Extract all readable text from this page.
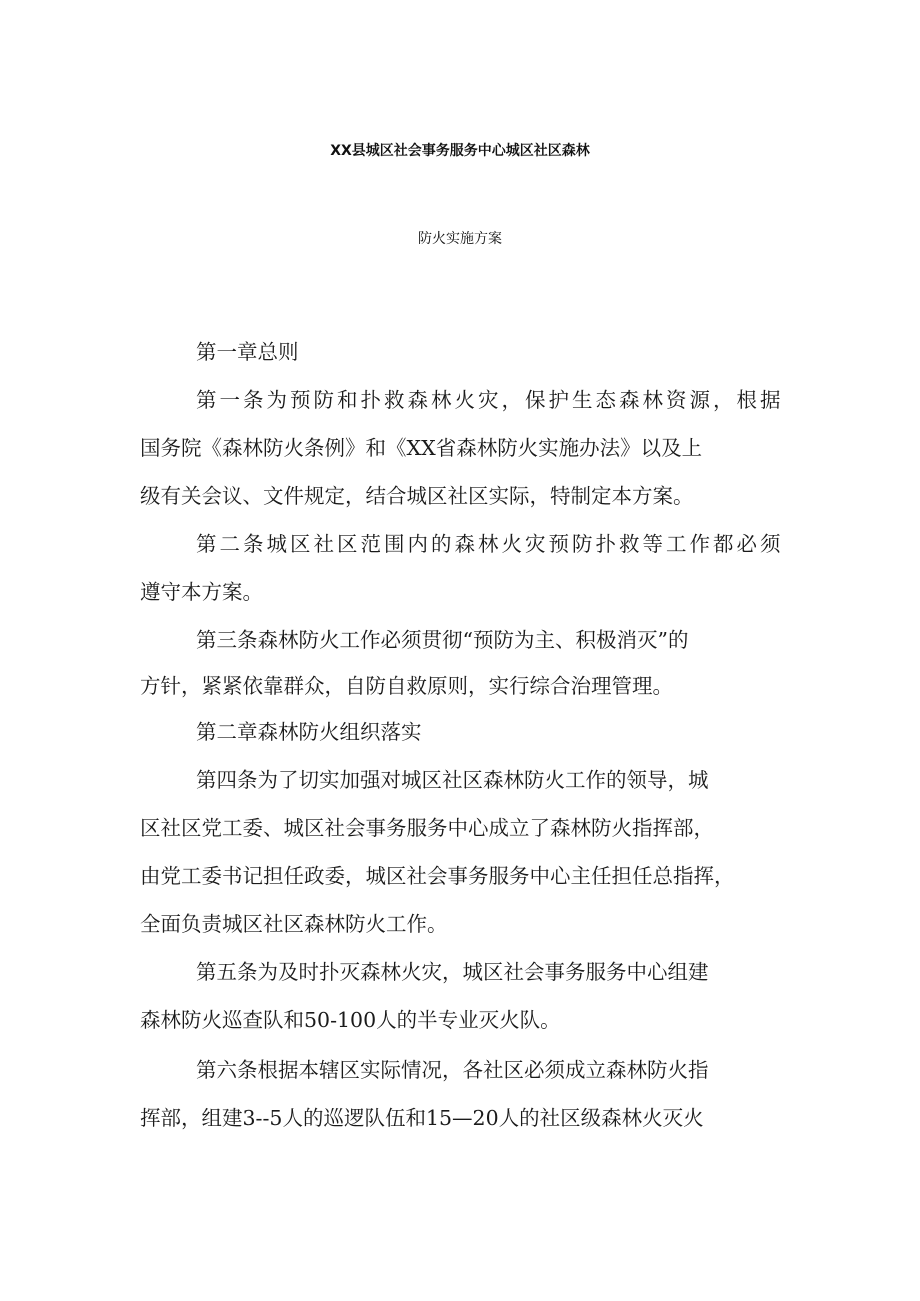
XX县城区社会事务服务中心城区社区森林
防火实施方案
第一章总则
第一条为预防和扑救森林火灾，保护生态森林资源，根据
国务院《森林防火条例》和《XX省森林防火实施办法》以及上
级有关会议、文件规定，结合城区社区实际，特制定本方案。
第二条城区社区范围内的森林火灾预防扑救等工作都必须
遵守本方案。
第三条森林防火工作必须贯彻“预防为主、积极消灭”的
方针，紧紧依靠群众，自防自救原则，实行综合治理管理。
第二章森林防火组织落实
第四条为了切实加强对城区社区森林防火工作的领导，城
区社区党工委、城区社会事务服务中心成立了森林防火指挥部，
由党工委书记担任政委，城区社会事务服务中心主任担任总指挥，
全面负责城区社区森林防火工作。
第五条为及时扑灭森林火灾，城区社会事务服务中心组建
森林防火巡查队和50-100人的半专业灭火队。
第六条根据本辖区实际情况，各社区必须成立森林防火指
挥部，组建3--5人的巡逻队伍和15—20人的社区级森林火灭火
